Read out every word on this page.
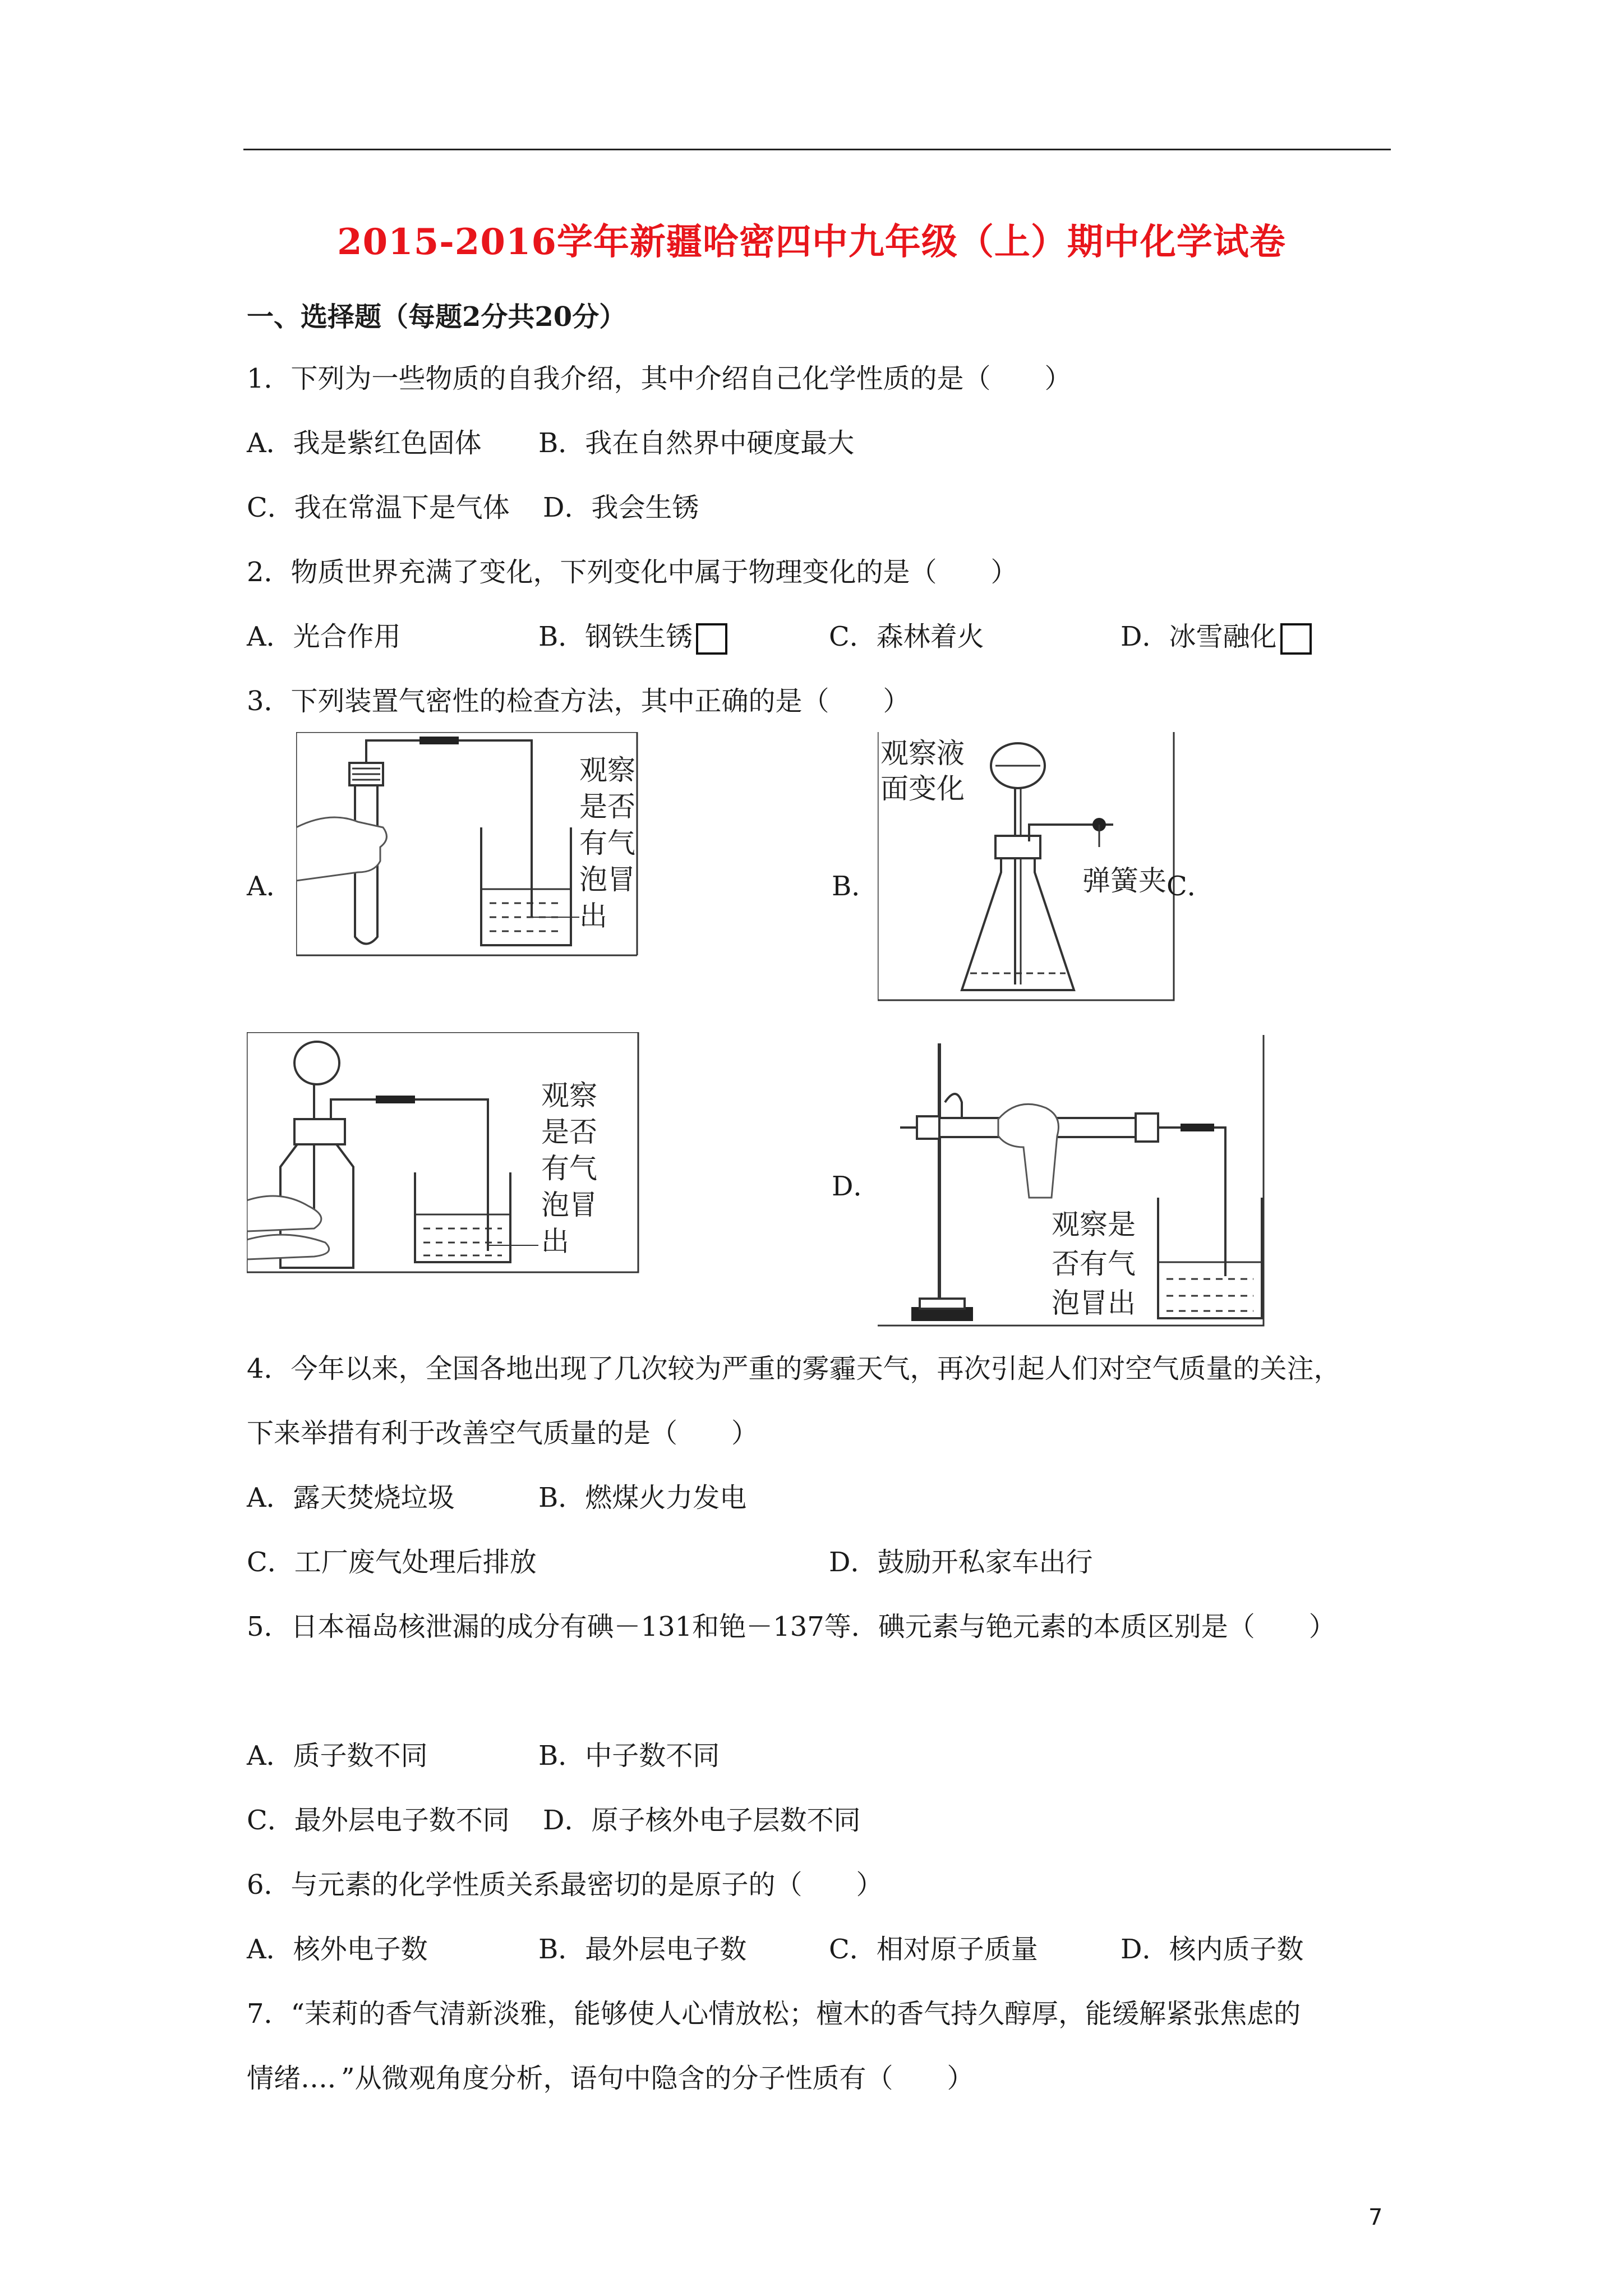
2015-2016学年新疆哈密四中九年级（上）期中化学试卷
一、选择题（每题2分共20分）
1．下列为一些物质的自我介绍，其中介绍自己化学性质的是（　　）
A．我是紫红色固体 B．我在自然界中硬度最大
C．我在常温下是气体 D．我会生锈
2．物质世界充满了变化，下列变化中属于物理变化的是（　　）
A．光合作用	B．钢铁生锈	C．森林着火	D．冰雪融化
3．下列装置气密性的检查方法，其中正确的是（　　）
A．
观察
是否
有气
泡冒
出
B．
观察液
面变化
弹簧夹 C．
观察
是否
有气
泡冒
出
D．
观察是
否有气
泡冒出
4．今年以来，全国各地出现了几次较为严重的雾霾天气，再次引起人们对空气质量的关注，
下来举措有利于改善空气质量的是（　　）
A．露天焚烧垃圾	B．燃煤火力发电
C．工厂废气处理后排放	D．鼓励开私家车出行
5．日本福岛核泄漏的成分有碘－131和铯－137等．碘元素与铯元素的本质区别是（　　）
A．质子数不同	B．中子数不同
C．最外层电子数不同 D．原子核外电子层数不同
6．与元素的化学性质关系最密切的是原子的（　　）
A．核外电子数	B．最外层电子数	C．相对原子质量	D．核内质子数
7．“茉莉的香气清新淡雅，能够使人心情放松；檀木的香气持久醇厚，能缓解紧张焦虑的
情绪…．”从微观角度分析，语句中隐含的分子性质有（　　）
7
